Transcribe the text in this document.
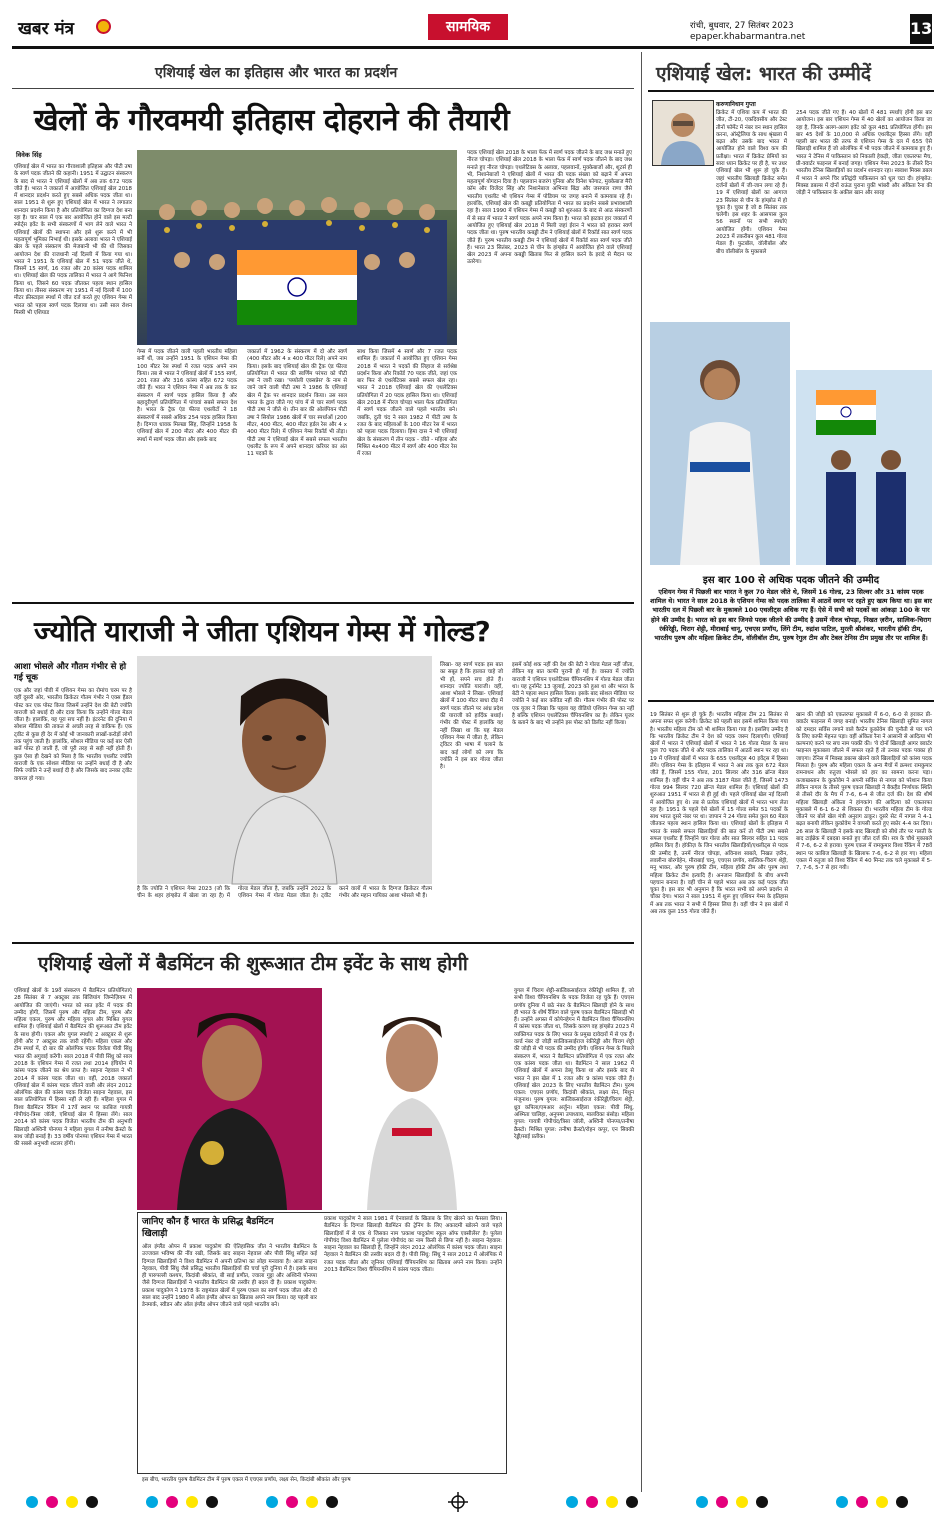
खबर मंत्र	सामयिक	रांची, बुधवार, 27 सितंबर 2023
epaper.khabarmantra.net	13
एशियाई खेल का इतिहास और भारत का प्रदर्शन
खेलों के गौरवमयी इतिहास दोहराने की तैयारी
विवेक सिंह
एशियाई खेल में भारत का गौरवशाली इतिहास और पीटी उषा के स्वर्ण पदक जीतने की कहानी। 1951 में उद्घाटन संस्करण के बाद से भारत ने एशियाई खेलों में अब तक 672 पदक जीते हैं। भारत ने जकार्ता में आयोजित एशियाई खेल 2018 में शानदार प्रदर्शन करते हुए सबसे अधिक पदक जीता था। साल 1951 से शुरू हुए एशियाई खेल में भारत ने लगातार शानदार प्रदर्शन किया है और प्रतियोगिता का दिग्गज देश बना रहा है। चार साल में एक बार आयोजित होने वाले इस मल्टी स्पोर्ट्स इवेंट के सभी संस्करणों में भाग लेने वाले भारत ने एशियाई खेलों की स्थापना और इसे शुरू करने में भी महत्वपूर्ण भूमिका निभाई थी। इसके अलावा भारत ने एशियाई खेल के पहले संस्करण की मेजबानी भी की थी जिसका आयोजन देश की राजधानी नई दिल्ली में किया गया था। भारत ने 1951 के एशियाई खेल में 51 पदक जीते थे, जिसमें 15 स्वर्ण, 16 रजत और 20 कांस्य पदक शामिल था। एशियाई खेल की पदक तालिका में भारत ने आगे फिनिश किया था, जिसने 60 पदक जीतकर पहला स्थान हासिल किया था। तीसरा संस्करण नए 1951 में नई दिल्ली में 100 मीटर फ्रीस्टाइल स्पर्धा में जीत दर्ज करते हुए एशियन गेम्स में भारत को पहला स्वर्ण पदक दिलाया था। उसी साल रोशन मिस्त्री भी एशियाड
गेम्स में पदक जीतने वाली पहली भारतीय महिला बनीं थीं, जब उन्होंने 1951 के एशियन गेम्स की 100 मीटर रेस स्पर्धा में रजत पदक अपने नाम किया। तब से भारत ने एशियाई खेलों में 155 स्वर्ण, 201 रजत और 316 कांस्य सहित 672 पदक जीते हैं। भारत ने एशियन गेम्स में अब तक के कर संस्करण में स्वर्ण पदक हासिल किया है और बहादुरीपूर्ण प्रतियोगिता में पांचवां सबसे सफल देश है। भारत के ट्रैक एंड फील्ड एथलीटों ने 18 संस्करणों में सबसे अधिक 254 पदक हासिल किया है। दिग्गज धावक मिल्खा सिंह, जिन्होंने 1958 के एशियाई खेल में 200 मीटर और 400 मीटर की स्पर्धा में स्वर्ण पदक जीता और इसके बाद
जकार्ता में 1962 के संस्करण में दो और स्वर्ण (400 मीटर और 4 x 400 मीटर रिले) अपने नाम किया। इसके बाद एशियाई खेल की ट्रैक एंड फील्ड प्रतियोगिता में भारत की स्वर्णिम परंपरा को पीटी उषा ने जारी रखा। 'पय्योली एक्सप्रेस' के नाम से जाने जाने वाली पीटी उषा ने 1986 के एशियाई खेल में ट्रैक पर शानदार प्रदर्शन किया। उस साल भारत के द्वारा जीते गए पांच में से चार स्वर्ण पदक पीटी उषा ने जीते थे। तीन बार की ओलंपियन पीटी उषा ने सियोल 1986 खेलों में चार स्पर्धाओं (200 मीटर, 400 मीटर, 400 मीटर हर्डल रेस और 4 x 400 मीटर रिले) में एशियन गेम्स रिकॉर्ड भी तोड़ा। पीटी उषा ने एशियाई खेल में सबसे सफल भारतीय एथलीट के रूप में अपने शानदार करियर का अंत 11 पदकों के
साथ किया जिसमें 4 स्वर्ण और 7 रजत पदक शामिल हैं। जकार्ता में आयोजित हुए एशियन गेम्स 2018 में भारत ने पदकों की लिहाज से सर्वश्रेष्ठ प्रदर्शन किया और रिकॉर्ड 70 पदक जीते, जहां एक बार फिर से एथलेटिक्स सबसे सफल खेल रहा। भारत ने 2018 एशियाई खेल की एथलेटिक्स प्रतियोगिता में 20 पदक हासिल किया था। एशियाई खेल 2018 में नीरज चोपड़ा भाला फेंक प्रतियोगिता में स्वर्ण पदक जीतने वाले पहले भारतीय बने। जबकि, दुती चंद ने साल 1982 में पीटी उषा के रजत के बाद महिलाओं के 100 मीटर रेस में भारत को पहला पदक दिलाया। हिमा दास ने भी एशियाई खेल के संस्करण में तीन पदक - जीते - महिला और मिश्रित 4x400 मीटर में स्वर्ण और 400 मीटर रेस में रजत
पदक एशियाई खेल 2018 के भाला फेंक में स्वर्ण पदक जीतने के बाद जश्न मनाते हुए नीरज चोपड़ा। एशियाई खेल 2018 के भाला फेंक में स्वर्ण पदक जीतने के बाद जश्न मनाते हुए नीरज चोपड़ा। एथलेटिक्स के अलावा, पहलवानों, मुक्केबाजों और, शूटर्स ही भी, निशानेबाजों ने एशियाई खेलों में भारत की पदक संख्या को बढ़ाने में अपना महत्वपूर्ण योगदान दिया है। पहलवान बजरंग पुनिया और विनेश फोगाट, मुक्केबाज मैरी कॉम और विजेंदर सिंह और निशानेबाज अभिनव बिंद्रा और जसपाल राणा जैसे भारतीय एथलीट भी एशियन गेम्स में पोडियम पर जगह बनाने में कामयाब रहे हैं। हालांकि, एशियाई खेल की कबड्डी प्रतियोगिता में भारत का प्रदर्शन सबसे प्रभावशाली रहा है। साल 1990 में एशियन गेम्स में कबड्डी को शुरुआत के बाद से आठ संस्करणों में से सात में भारत ने स्वर्ण पदक अपने नाम किया है। भारत को झटका हार जकार्ता में आयोजित हुए एशियाई खेल 2018 में मिली जहां ईरान ने भारत को हराकर स्वर्ण पदक जीता था। पुरुष भारतीय कबड्डी टीम ने एशियाई खेलों में रिकॉर्ड सात स्वर्ण पदक जीते हैं। पुरुष भारतीय कबड्डी टीम ने एशियाई खेलों में रिकॉर्ड सात स्वर्ण पदक जीते हैं। भारत 23 सितंबर, 2023 से चीन के हांग्झोउ में आयोजित होने वाले एशियाई खेल 2023 में अपना कबड्डी खिताब फिर से हासिल करने के इरादे से मैदान पर उतरेगा।
एशियाई खेल: भारत की उम्मीदें
करुणानिधान गुप्ता
क्रिकेट में एशिया कप में भारत की जीत, टी-20, एकदिवसीय और टेस्ट तीनों फॉर्मेट में नंबर वन स्थान हासिल करना, ऑस्ट्रेलिया के साथ श्रृंखला में बढ़त और उसके बाद भारत में आयोजित होने वाले विश्व कप की प्रतीक्षा। भारत में क्रिकेट प्रेमियों का सारा ध्यान क्रिकेट पर ही है, पर उधर एशियाई खेल भी शुरू हो चुके हैं। जहां भारतीय खिलाड़ी क्रिकेट समेत दर्जनों खेलों में जी-जान लगा रहे हैं। 19 में एशियाई खेलों का आगाज 23 सितंबर से चीन के हांग्झोउ में हो चुका है। चुका है जो 8 सितंबर तक चलेगी। इस शहर के आसपास कुल 56 स्थानों पर सभी स्पर्धाएं आयोजित होंगी। एशियन गेम्स 2023 में तकरीबन कुल 481 गोल्ड मेडल हैं। फुटबॉल, वॉलीबॉल और बीच वॉलीबॉल के मुकाबले
254 पदक जीते गए हैं। 40 खेलों में 481 स्पर्धाएं होंगी इस बार आयोजन। इस बार एशियन गेम्स में 40 खेलों का आयोजन किया जा रहा है, जिनके अलग-अलग इवेंट को कुल 481 प्रतियोगिता होंगी। इस बार 45 देशों के 10,000 से अधिक एथलीट्स हिस्सा लेंगे। वहीं पहली बार भारत की तरफ से एशियन गेम्स के दल में 655 ऐसे खिलाड़ी शामिल हैं जो ओलंपिक में भी पदक जीतने में कामयाब हुए हैं। भारत ने टेनिस में पाकिस्तान को निकाली हेकड़ी, जीता एकतरफा मैच, प्री-क्वार्टर फाइनल में बनाई जगह। एशियन गेम्स 2023 के तीसरे दिन भारतीय टेनिस खिलाड़ियों का प्रदर्शन शानदार रहा। स्क्वाश मिक्स डबल में भारत ने अपने चिर प्रतिद्वंदी पाकिस्तान को धूल चटा दी। हांग्झोउ: मिक्स्ड डबल्स में दोनों राऊंड पुराना युकी भांबरी और अंकिता रैना की जोड़ी ने पाकिस्तान के अकील खान और सारह
इस बार 100 से अधिक पदक जीतने की उम्मीद
एशियन गेम्स में पिछली बार भारत ने कुल 70 मेडल जीते थे, जिसमें 16 गोल्ड, 23 सिल्वर और 31 कांस्य पदक शामिल थे। भारत ने साल 2018 के एशियन गेम्स को पदक तालिका में आठवें स्थान पर रहते हुए खत्म किया था। इस बार भारतीय दल में पिछली बार के मुकाबले 100 एथलीट्स अधिक गए हैं। ऐसे में सभी को पदकों का आंकड़ा 100 के पार होने की उम्मीद है। भारत को इस बार जिनसे पदक जीतने की उम्मीद है उसमें नीरज चोपड़ा, निखत ज़रीन, सात्विक-चिराग रंकीरेड्डी, चिराग शेट्टी, मीराबाई चानू, एचएस प्रणॉय, लिंगे टीम, रुद्रांश पाटिल, मुरली श्रीशंकर, भारतीय हॉकी टीम, भारतीय पुरुष और महिला क्रिकेट टीम, वॉलीबॉल टीम, पुरुष रेगुल टीम और टेबल टेनिस टीम प्रमुख तौर पर शामिल हैं।
19 सितंबर से शुरू हो चुके हैं। भारतीय महिला टीम 21 सितंबर से अपना सफर शुरू करेगी। क्रिकेट को पहली बार इसमें शामिल किया गया है। भारतीय महिला टीम को भी शामिल किया गया है। इसलिए उम्मीद है कि भारतीय क्रिकेट टीम ने देश को पदक जरूर दिलाएगी। एशियाई खेलों में भारत ने एशियाई खेलों में भारत ने 16 गोल्ड मेडल के साथ कुल 70 पदक जीते थे और पदक तालिका में आठवें स्थान पर रहा था। 19 में एशियाई खेलों में भारत के 655 एथलीट्स 40 इवेंट्स में हिस्सा लेंगे। एशियन गेम्स के इतिहास में भारत ने अब तक कुल 672 मेडल जीते हैं, जिसमें 155 गोल्ड, 201 सिल्वर और 316 ब्रॉन्ज मेडल शामिल हैं। वहीं चीन ने अब तक 3187 मेडल जीते हैं, जिसमें 1473 गोल्ड 994 सिल्वर 720 ब्रॉन्ज मेडल शामिल हैं। एशियाई खेलों की शुरुआत 1951 में भारत से ही हुई थी। पहले एशियाई खेल नई दिल्ली में आयोजित हुए थे। तब से प्रत्येक एशियाई खेलों में भारत भाग लेता रहा है। 1951 के पहले ऐसे खेलों में 15 गोल्ड समेत 51 पदकों के साथ भारत दूसरे नंबर पर था। जापान ने 24 गोल्ड समेत कुल 60 मेडल जीतकर पहला स्थान हासिल किया था। एशियाई खेलों के इतिहास में भारत के सबसे सफल खिलाड़ियों की बात करें तो पीटी उषा सबसे सफल एथलीट हैं जिन्होंने चार गोल्ड और सात सिल्वर सहित 11 पदक हासिल किए हैं। हॉकीज़ के जिन भारतीय खिलाड़ियों/एथलीट्स से पदक की उम्मीद है, उनमें नीरज चोपड़ा, अविनाश साबले, निखत ज़रीन, लवलीना बोरगोहेन, मीराबाई चानू, एचएस प्रणॉय, सात्विक-चिराग शेट्टी, मनु भाकर, और पुरुष हॉकी टीम, महिला हॉकी टीम और पुरुष तथा महिला क्रिकेट टीम इत्यादि हैं। अनजान खिलाड़ियों के बीच अपनी पहचान बनाना है। वहीं चीन से पहले भारत अब तक कई पदक जीत चुका है। इस बार भी अनुमान है कि भारत सभी को अपने प्रदर्शन से चौंका देगा। भारत ने साल 1951 में शुरू हुए एशियन गेम्स के इतिहास में अब तक भारत ने सभी में हिस्सा लिया है। वहीं चीन ने इस खेलों में अब तक कुल 155 गोल्ड जीते हैं।
खान की जोड़ी को एकतरफा मुकाबले में 6-0, 6-0 से हराकर प्री-क्वार्टर फाइनल में जगह बनाई। भारतीय टेनिस खिलाड़ी सुमित नागल को दमदार सर्विस लगाने वाले कैप्टेन कुकोवेम की चुनौती से पार पाने के लिए काफी मेहनत पड़ा। वहीं अंकिता रैना ने आसानी से आदित्या भी कल्पनाएं करने पर सच नाम पक्की की। 'ये दोनों खिलाड़ी आगर क्वार्टर फाइनल मुकाबला जीतने में सफल रहते हैं तो उनका पदक पक्का हो जाएगा। टेनिस में मिक्स्ड डबल्स खेलने वाले खिलाड़ियों को कांस्य पदक मिलता है। पुरुष और महिला एकल के अन्य मैचों में क्रमशः रामकुमार रामनाथन और रुतुजा भोसले को हार का सामना करना पड़ा। कजाखस्तान के कुकोवेम ने अपनी सर्विस से नागल को परेशान किया लेकिन नागल के तीसरे पुरुष एकल खिलाड़ी ने बैकहैंड निर्णायक स्थिति से तीसरे दौर के मैच में 7-6, 6-4 से जीत दर्ज की। देश की शीर्ष महिला खिलाड़ी अंकिता ने हांगकांग की आदित्या को एकतरफा मुकाबले में 6-1 6-2 से शिकस्त दी। भारतीय महिला टीम के गोल्ड जीतने पर बोले खेल मंत्री अनुराग ठाकुर। दूसरे सेट में नागल ने 4-1 बढ़त बनायी लेकिन कुकोवेम ने वापसी करते हुए स्कोर 4-4 कर दिया। 26 साल के खिलाड़ी ने इसके बाद खिलाड़ी को सीधे तौर पर गलती के बाद टाईब्रेक में दबदबा बनाते हुए जीत दर्ज की। सत्र के चौथे मुकाबले में 7-6, 6-2 से हराया। पुरुष एकल में रामकुमार विश्व रैंकिंग में 78वें स्थान पर काबिज खिलाड़ी के खिलाफ 7-6, 6-2 से हार गए। महिला एकल में रुतुजा को विश्व रैंकिंग में 40 मिनट तक चले मुकाबले में 5-7, 7-6, 5-7 से हार गयी।
ज्योति याराजी ने जीता एशियन गेम्स में गोल्ड?
आशा भोसले और गौतम गंभीर से हो गई चूक
एक और जहां पीवी में एशियन गेम्स का रोमांच चरम पर है वहीं दूसरी ओर, भारतीय क्रिकेटर गौतम गंभीर ने एक्स हैंडल पोस्ट कर एक पोस्ट किया जिसमें उन्होंने देश की बेटी ज्योति याराजी को बधाई दी और दावा किया कि उन्होंने गोल्ड मेडल जीता है। हालांकि, यह पूरा सच नहीं है। इंटरनेट की दुनिया में सोशल मीडिया की ताकत से अच्छी तरह से वाकिफ हैं। एक ट्वीट से कुछ ही देर में कोई भी जानकारी लाखों-करोड़ों लोगों तक पहुंच जाती है। हालांकि, सोशल मीडिया पर कई बार ऐसी बातें पोस्ट हो जाती हैं, जो पूरी तरह से सही नहीं होती हैं। कुछ ऐसा ही देखने को मिला है कि भारतीय एथलीट ज्योति याराजी के एक सोशल मीडिया पर उन्होंने बधाई दी है और सिर्फ ज्योति ने उन्हें बधाई दी है और जिसके बाद उनका ट्वीट वायरल हो गया।
है कि ज्योति ने एशियन गेम्स 2023 (जो कि चीन के शहर हांग्झोउ में खेला जा रहा है) में गोल्ड मेडल जीता है, जबकि उन्होंने 2022 के एशियन गेम्स में गोल्ड मेडल जीता है। ट्वीट करने वालों में भारत के दिग्गज क्रिकेटर गौतम गंभीर और महान गायिका आशा भोसले भी हैं।
लिखा- वह स्वर्ण पदक इस बात का सबूत है कि हालात चाहे जो भी हों, सपने सच होते हैं। शानदार ज्योति याराजी। वहीं, आशा भोसले ने लिखा- एशियाई खेलों में 100 मीटर बाधा दौड़ में स्वर्ण पदक जीतने पर आंध्र प्रदेश की याराजी को हार्दिक बधाई। गंभीर की पोस्ट में हालांकि यह नहीं लिखा था कि यह मेडल एशियन गेम्स में जीता है, लेकिन ट्विटर की भाषा में चलाने के बाद कई लोगों को लगा कि ज्योति ने इस बार गोल्ड जीता है।
इसमें कोई शक नहीं की देश की बेटी ने गोल्ड मेडल नहीं जीता, लेकिन यह बात काफी पुरानी हो गई है। वास्तव में ज्योति याराजी ने एशियन एथलेटिक्स चैंपियनशिप में गोल्ड मेडल जीता था। यह टूर्नामेंट 13 जुलाई, 2023 को हुआ था और भारत के बेटी ने पहला स्थान हासिल किया। इसके बाद सोशल मीडिया पर ज्योति ने कई बार कोविड नहीं की। गौतम गंभीर की पोस्ट पर एक यूजर ने लिखा कि पहला यह वीडियो एशियन गेम्स का नहीं है बल्कि एशियन एथलेटिक्स चैंपियनशिप का है। लेकिन यूजर के बताने के बाद भी उन्होंने इस पोस्ट को डिलीट नहीं किया।
एशियाई खेलों में बैडमिंटन की शुरूआत टीम इवेंट के साथ होगी
एशियाई खेलों के 19वें संस्करण में बैडमिंटन प्रतियोगिताएं 28 सितंबर से 7 अक्टूबर तक बिंजियांग जिम्नेज़ियम में आयोजित की जाएंगी। भारत को सात इवेंट में पदक की उम्मीद होगी, जिसमें पुरुष और महिला टीम, पुरुष और महिला एकल, पुरुष और महिला युगल और मिश्रित युगल शामिल हैं। एशियाई खेलों में बैडमिंटन की शुरूआत टीम इवेंट के साथ होगी। एकल और युगल स्पर्धाएं 2 अक्टूबर से शुरू होंगी और 7 अक्टूबर तक जारी रहेंगी। महिला एकल और टीम स्पर्धा में, दो बार की ओलंपिक पदक विजेता पीवी सिंधु भारत की अगुवाई करेंगी। साल 2018 में पीवी सिंधु को साल 2018 के एशियन गेम्स में रजत तथा 2014 इंचियोन में कांस्य पदक जीतने का श्रेय प्राप्त है। साइना नेहवाल ने भी 2014 में कांस्य पदक जीता था। वहीं, 2018 जकार्ता एशियाई खेल में कांस्य पदक जीतने वाली और लंदन 2012 ओलंपिक खेल की कांस्य पदक विजेता साइना नेहवाल, इस साल प्रतियोगिता में हिस्सा नहीं ले रही हैं। महिला युगल में विश्व बैडमिंटन रैंकिंग में 17वें स्थान पर काबिज गायत्री गोपीचंद-त्रिसा जॉली, एशियाई खेल में हिस्सा लेंगे। साल 2014 को कांस्य पदक विजेता भारतीय टीम की अनुभवी खिलाड़ी अश्विनी पोनप्पा ने महिला युगल में तनीषा क्रैस्टो के साथ जोड़ी बनाई है। 33 वर्षीय पोनप्पा एशियन गेम्स में भारत की सबसे अनुभवी शटलर होंगी।
युगल में चिराग शेट्टी-सात्विकसाईराज रंकीरेड्डी शामिल हैं, जो सभी विश्व चैंपियनशिप के पदक विजेता रह चुके हैं। एचएस प्रणॉय दुनिया में छठे नंबर के बैडमिंटन खिलाड़ी होने के साथ ही भारत के शीर्ष रैंकिंग वाले पुरुष एकल बैडमिंटन खिलाड़ी भी हैं। उन्होंने अगस्त में कोपेनहेगन में बैडमिंटन विश्व चैंपियनशिप में कांस्य पदक जीता था, जिसके कारण वह हांग्झोउ 2023 में व्यक्तिगत पदक के लिए भारत के प्रमुख दावेदारों में से एक हैं। वर्ल्ड नंबर दो जोड़ी सात्विकसाईराज रंकीरेड्डी और चिराग शेट्टी की जोड़ी से भी पदक की उम्मीद होगी। एशियन गेम्स के पिछले संस्करण में, भारत ने बैडमिंटन प्रतियोगिता में एक रजत और एक कांस्य पदक जीता था। बैडमिंटन ने साल 1962 में एशियाई खेलों में अपना डेब्यू किया था और इसके बाद से भारत ने इस खेल में 1 रजत और 9 कांस्य पदक जीते हैं। एशियाई खेल 2023 के लिए भारतीय बैडमिंटन टीम। पुरुष एकल: एचएस प्रणॉय, किदांबी श्रीकांत, लक्ष्य सेन, मिथुन मंजूनाथ। पुरुष युगल: सात्विकसाईराज रंकीरेड्डी/चिराग शेट्टी, ध्रुव कपिला/एमआर अर्जुन। महिला एकल: पीवी सिंधु, अश्मिता चालिहा, अनुपमा उपाध्याय, मालविका बंसोड़। महिला युगल: गायत्री गोपीचंद/त्रिसा जॉली, अश्विनी पोनप्पा/तनीषा क्रैस्टो। मिश्रित युगल: तनीषा क्रैस्टो/रोहन कपूर, एन सिक्की रेड्डी/साई प्रतीक।
जानिए कौन हैं भारत के प्रसिद्ध बैडमिंटन खिलाड़ी
ऑल इंग्लैंड ओपन में प्रकाश पादुकोण की ऐतिहासिक जीत ने भारतीय बैडमिंटन के उज्जवल भविष्य की नींव रखी, जिसके बाद साइना नेहवाल और पीवी सिंधु सहित कई दिग्गज खिलाड़ियों ने विश्व बैडमिंटन में अपनी प्रतिभा का लोहा मनवाया है। आज साइना नेहवाल, पीवी सिंधु जैसे प्रसिद्ध भारतीय खिलाड़ियों की चर्चा पूरी दुनिया में है। इसके साथ ही पारुपल्ली कश्यप, किदांबी श्रीकांत, बी साई प्रणीत, ज्वाला गुट्टा और अश्विनी पोनप्पा जैसे दिग्गज खिलाड़ियों ने भारतीय बैडमिंटन की तस्वीर ही बदल दी है। प्रकाश पादुकोण: प्रकाश पादुकोण ने 1978 के राष्ट्रमंडल खेलों में पुरुष एकल का स्वर्ण पदक जीता और दो साल बाद उन्होंने 1980 में ऑल इंग्लैंड ओपन का खिताब अपने नाम किया। वह पहली बार डेनमार्क, स्वीडन और ऑल इंग्लैंड ओपन जीतने वाले पहले भारतीय बने।
प्रकाश पादुकोण ने साल 1981 में ऐनवालर्ड के खिताब के लिए खेलने का फैसला लिया। बैडमिंटन के दिग्गज खिलाड़ी बैडमिंटन की ट्रेनिंग के लिए अकादमी खोलने वाले पहले खिलाड़ियों में से एक थे जिसका नाम 'प्रकाश पादुकोण स्कूल ऑफ एक्सीलेंस' है। पुलेला गोपीचंद विश्व बैडमिंटन में पुलेला गोपीचंद का नाम किसी से छिपा नहीं है। साइना नेहवाल: साइना नेहवाल का खिलाड़ी हैं, जिन्होंने लंदन 2012 ओलंपिक में कांस्य पदक जीता। साइना नेहवाल ने बैडमिंटन की तस्वीर बदल दी है। पीवी सिंधु: सिंधु ने साल 2012 में ओलंपिक में रजत पदक जीता और जूनियर एशियाई चैंपियनशिप का खिताब अपने नाम किया। उन्होंने 2013 बैडमिंटन विश्व चैंपियनशिप में कांस्य पदक जीता।
इस बीच, भारतीय पुरुष बैडमिंटन टीम में पुरुष एकल में एचएस प्रणॉय, लक्ष्य सेन, किदांबी श्रीकांत और पुरुष
